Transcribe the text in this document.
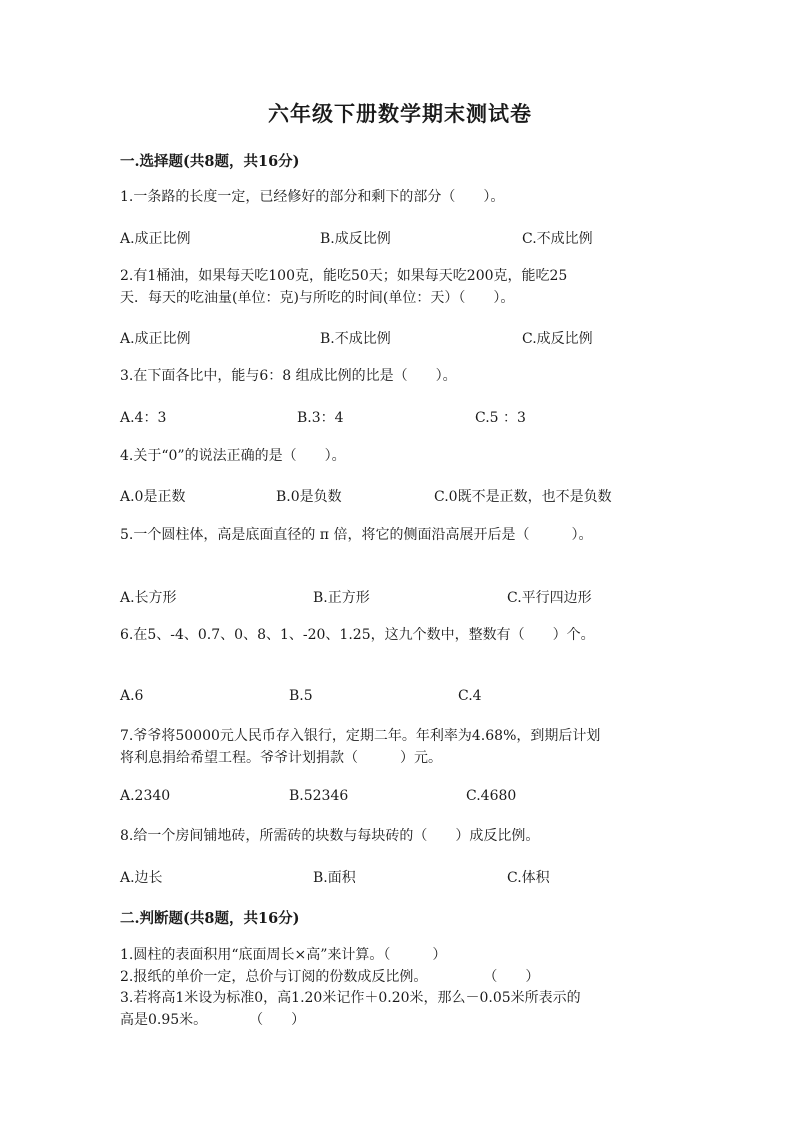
六年级下册数学期末测试卷
一.选择题(共8题，共16分)
1.一条路的长度一定，已经修好的部分和剩下的部分（　　）。
A.成正比例	B.成反比例	C.不成比例
2.有1桶油，如果每天吃100克，能吃50天；如果每天吃200克，能吃25
天．每天的吃油量(单位：克)与所吃的时间(单位：天）（　　）。
A.成正比例	B.不成比例	C.成反比例
3.在下面各比中，能与6：8 组成比例的比是（　　）。
A.4：3	B.3：4	C.5 ：3
4.关于“0”的说法正确的是（　　）。
A.0是正数	B.0是负数	C.0既不是正数，也不是负数
5.一个圆柱体，高是底面直径的 π 倍，将它的侧面沿高展开后是（　　　）。
A.长方形	B.正方形	C.平行四边形
6.在5、-4、0.7、0、8、1、-20、1.25，这九个数中，整数有（　　）个。
A.6	B.5	C.4
7.爷爷将50000元人民币存入银行，定期二年。年利率为4.68%，到期后计划
将利息捐给希望工程。爷爷计划捐款（　　　）元。
A.2340	B.52346	C.4680
8.给一个房间铺地砖，所需砖的块数与每块砖的（　　）成反比例。
A.边长	B.面积	C.体积
二.判断题(共8题，共16分)
1.圆柱的表面积用“底面周长×高”来计算。（　　　）
2.报纸的单价一定，总价与订阅的份数成反比例。　　　　　（　　）
3.若将高1米设为标准0，高1.20米记作＋0.20米，那么－0.05米所表示的
高是0.95米。　　　　（　　）
